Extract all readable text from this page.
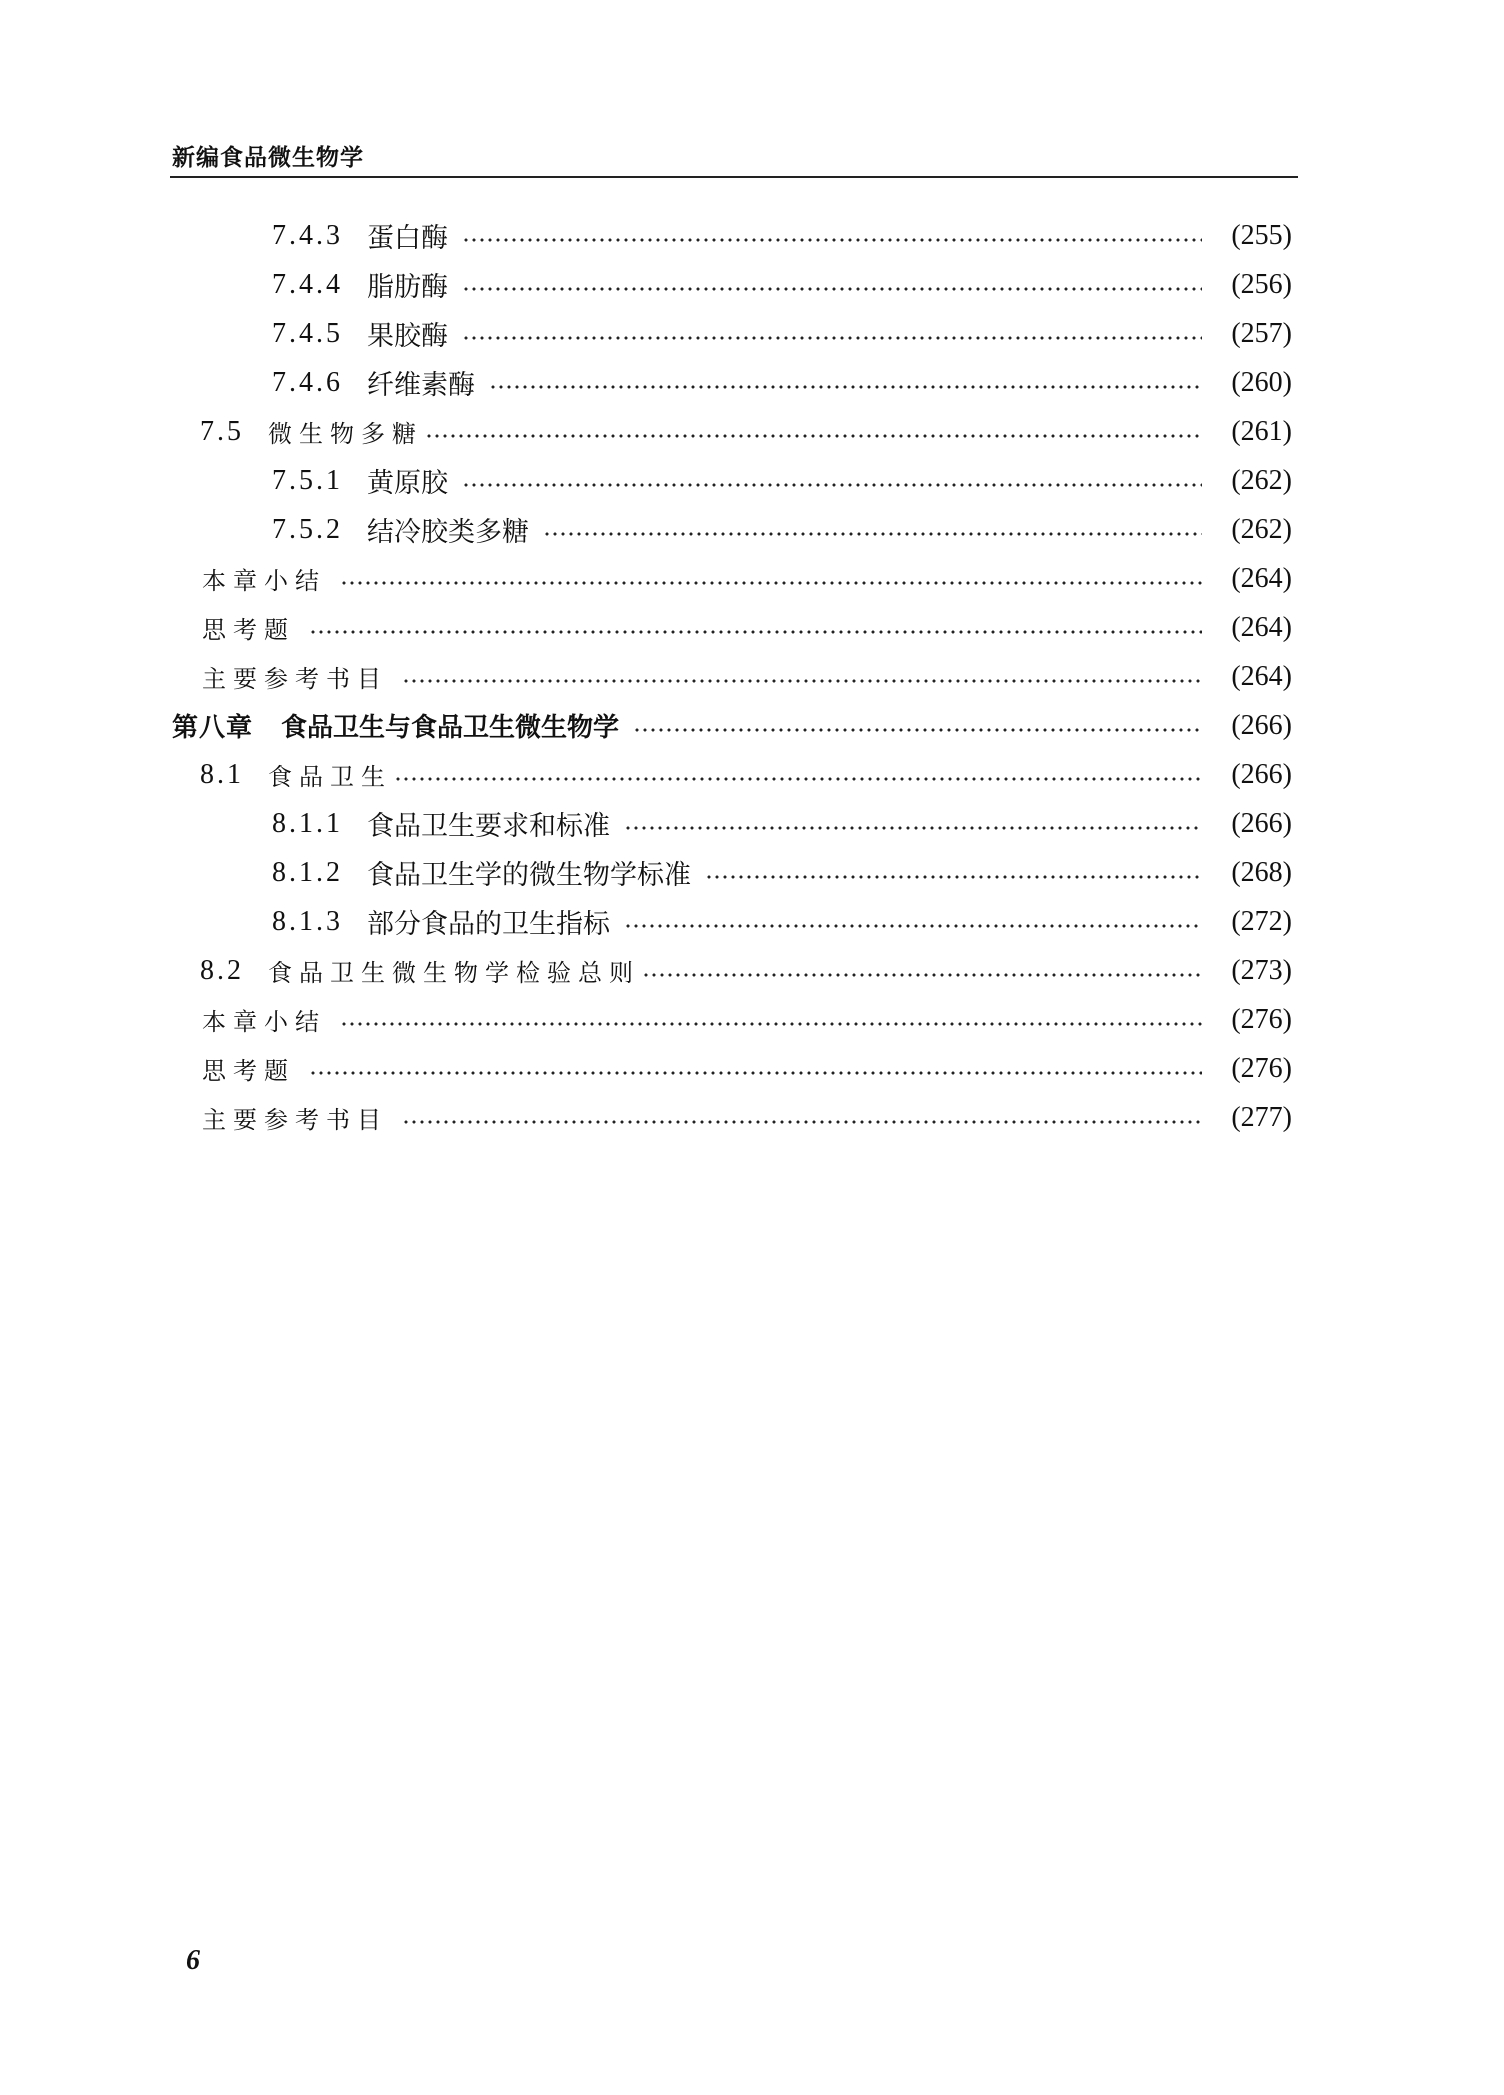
新编食品微生物学
7.4.3 蛋白酶	(255)
7.4.4 脂肪酶	(256)
7.4.5 果胶酶	(257)
7.4.6 纤维素酶	(260)
7.5 微生物多糖	(261)
7.5.1 黄原胶	(262)
7.5.2 结冷胶类多糖	(262)
本章小结	(264)
思考题	(264)
主要参考书目	(264)
第八章 食品卫生与食品卫生微生物学	(266)
8.1 食品卫生	(266)
8.1.1 食品卫生要求和标准	(266)
8.1.2 食品卫生学的微生物学标准	(268)
8.1.3 部分食品的卫生指标	(272)
8.2 食品卫生微生物学检验总则	(273)
本章小结	(276)
思考题	(276)
主要参考书目	(277)
6
